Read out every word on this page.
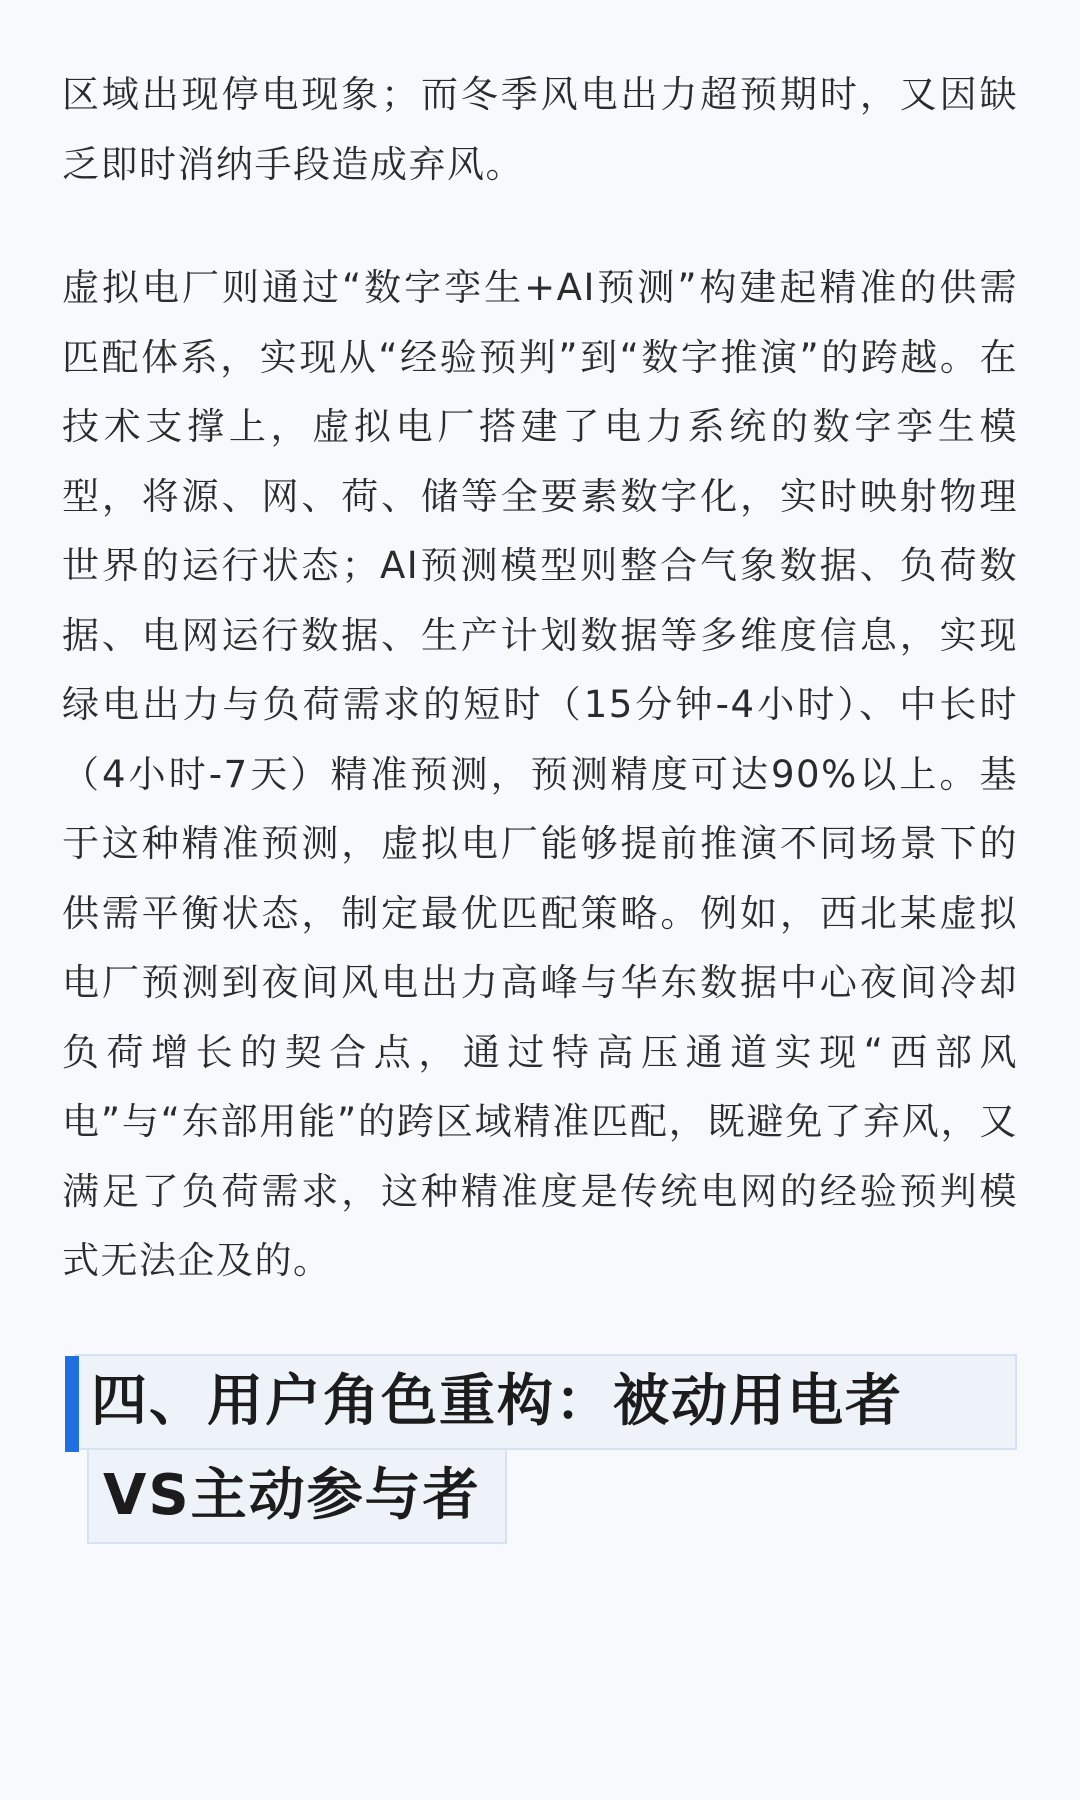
区域出现停电现象；而冬季风电出力超预期时，又因缺乏即时消纳手段造成弃风。

虚拟电厂则通过“数字孪生+AI预测”构建起精准的供需匹配体系，实现从“经验预判”到“数字推演”的跨越。在技术支撑上，虚拟电厂搭建了电力系统的数字孪生模型，将源、网、荷、储等全要素数字化，实时映射物理世界的运行状态；AI预测模型则整合气象数据、负荷数据、电网运行数据、生产计划数据等多维度信息，实现绿电出力与负荷需求的短时（15分钟-4小时）、中长时（4小时-7天）精准预测，预测精度可达90%以上。基于这种精准预测，虚拟电厂能够提前推演不同场景下的供需平衡状态，制定最优匹配策略。例如，西北某虚拟电厂预测到夜间风电出力高峰与华东数据中心夜间冷却负荷增长的契合点，通过特高压通道实现“西部风电”与“东部用能”的跨区域精准匹配，既避免了弃风，又满足了负荷需求，这种精准度是传统电网的经验预判模式无法企及的。

四、用户角色重构：被动用电者
VS主动参与者
